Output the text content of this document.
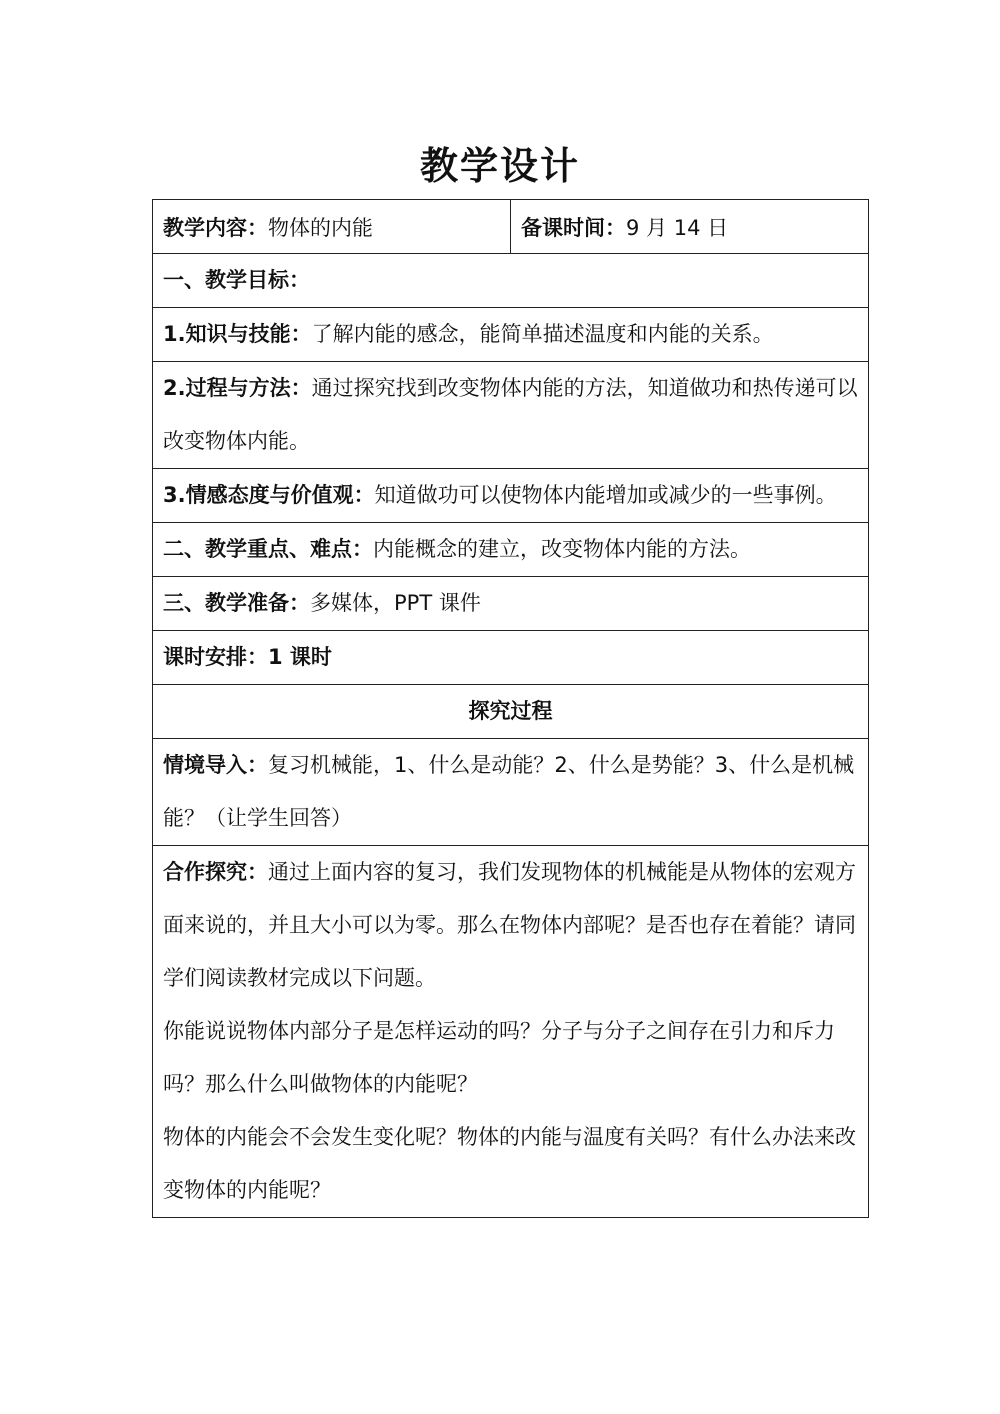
教学设计
教学内容：物体的内能	备课时间：9 月 14 日
一、教学目标：
1.知识与技能：了解内能的感念，能简单描述温度和内能的关系。
2.过程与方法：通过探究找到改变物体内能的方法，知道做功和热传递可以改变物体内能。
3.情感态度与价值观：知道做功可以使物体内能增加或减少的一些事例。
二、教学重点、难点：内能概念的建立，改变物体内能的方法。
三、教学准备：多媒体，PPT 课件
课时安排：1 课时
探究过程
情境导入：复习机械能，1、什么是动能？2、什么是势能？3、什么是机械能？（让学生回答）

合作探究：通过上面内容的复习，我们发现物体的机械能是从物体的宏观方面来说的，并且大小可以为零。那么在物体内部呢？是否也存在着能？请同学们阅读教材完成以下问题。
你能说说物体内部分子是怎样运动的吗？分子与分子之间存在引力和斥力吗？那么什么叫做物体的内能呢？
物体的内能会不会发生变化呢？物体的内能与温度有关吗？有什么办法来改变物体的内能呢？
